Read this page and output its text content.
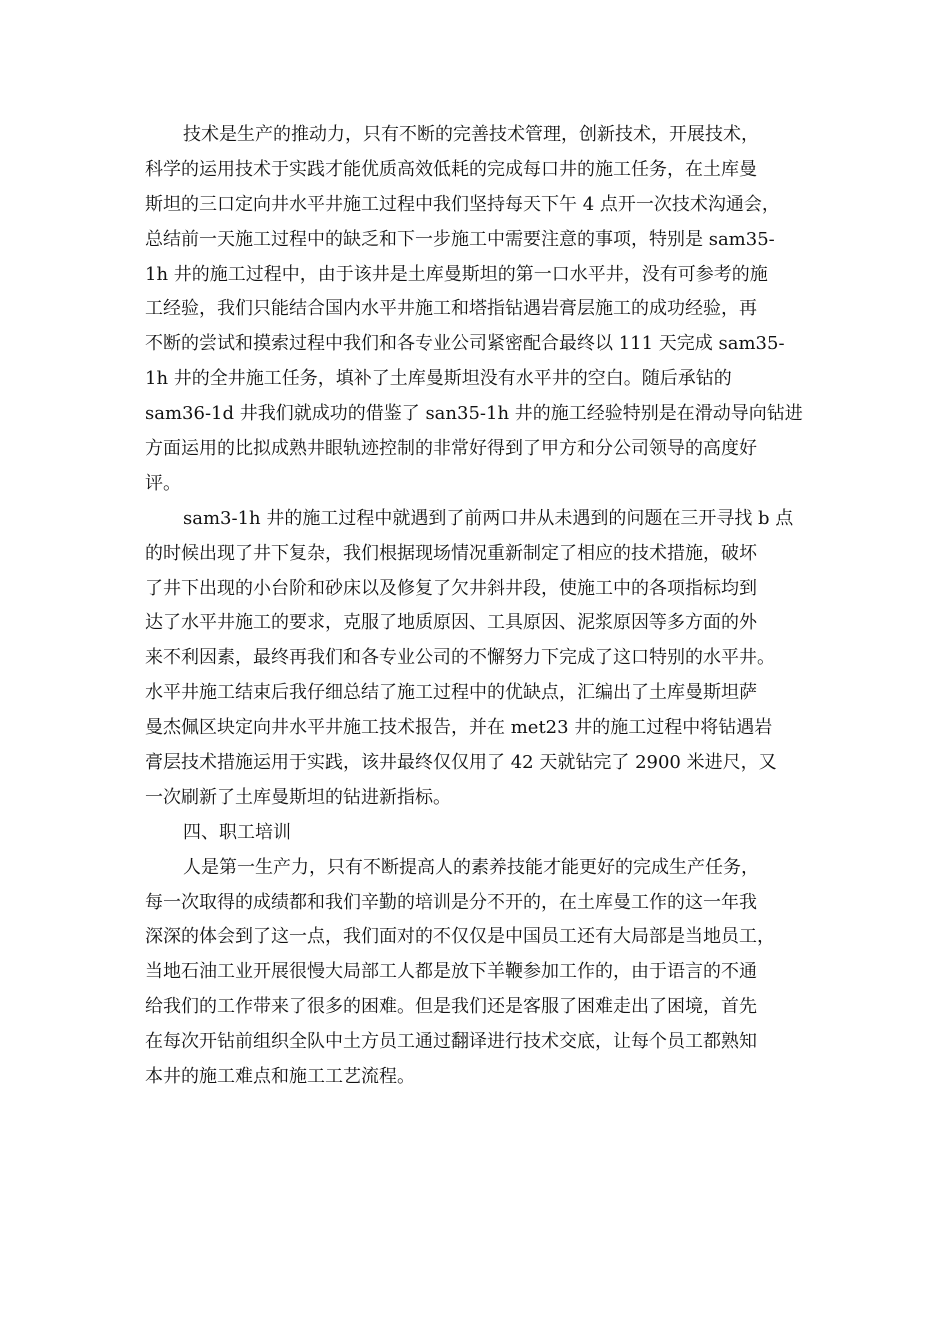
技术是生产的推动力，只有不断的完善技术管理，创新技术，开展技术，
科学的运用技术于实践才能优质高效低耗的完成每口井的施工任务，在土库曼
斯坦的三口定向井水平井施工过程中我们坚持每天下午 4 点开一次技术沟通会，
总结前一天施工过程中的缺乏和下一步施工中需要注意的事项，特别是 sam35-
1h 井的施工过程中，由于该井是土库曼斯坦的第一口水平井，没有可参考的施
工经验，我们只能结合国内水平井施工和塔指钻遇岩膏层施工的成功经验，再
不断的尝试和摸索过程中我们和各专业公司紧密配合最终以 111 天完成 sam35-
1h 井的全井施工任务，填补了土库曼斯坦没有水平井的空白。随后承钻的
sam36-1d 井我们就成功的借鉴了 san35-1h 井的施工经验特别是在滑动导向钻进
方面运用的比拟成熟井眼轨迹控制的非常好得到了甲方和分公司领导的高度好
评。
sam3-1h 井的施工过程中就遇到了前两口井从未遇到的问题在三开寻找 b 点
的时候出现了井下复杂，我们根据现场情况重新制定了相应的技术措施，破坏
了井下出现的小台阶和砂床以及修复了欠井斜井段，使施工中的各项指标均到
达了水平井施工的要求，克服了地质原因、工具原因、泥浆原因等多方面的外
来不利因素，最终再我们和各专业公司的不懈努力下完成了这口特别的水平井。
水平井施工结束后我仔细总结了施工过程中的优缺点，汇编出了土库曼斯坦萨
曼杰佩区块定向井水平井施工技术报告，并在 met23 井的施工过程中将钻遇岩
膏层技术措施运用于实践，该井最终仅仅用了 42 天就钻完了 2900 米进尺，又
一次刷新了土库曼斯坦的钻进新指标。
四、职工培训
人是第一生产力，只有不断提高人的素养技能才能更好的完成生产任务，
每一次取得的成绩都和我们辛勤的培训是分不开的，在土库曼工作的这一年我
深深的体会到了这一点，我们面对的不仅仅是中国员工还有大局部是当地员工，
当地石油工业开展很慢大局部工人都是放下羊鞭参加工作的，由于语言的不通
给我们的工作带来了很多的困难。但是我们还是客服了困难走出了困境，首先
在每次开钻前组织全队中土方员工通过翻译进行技术交底，让每个员工都熟知
本井的施工难点和施工工艺流程。
